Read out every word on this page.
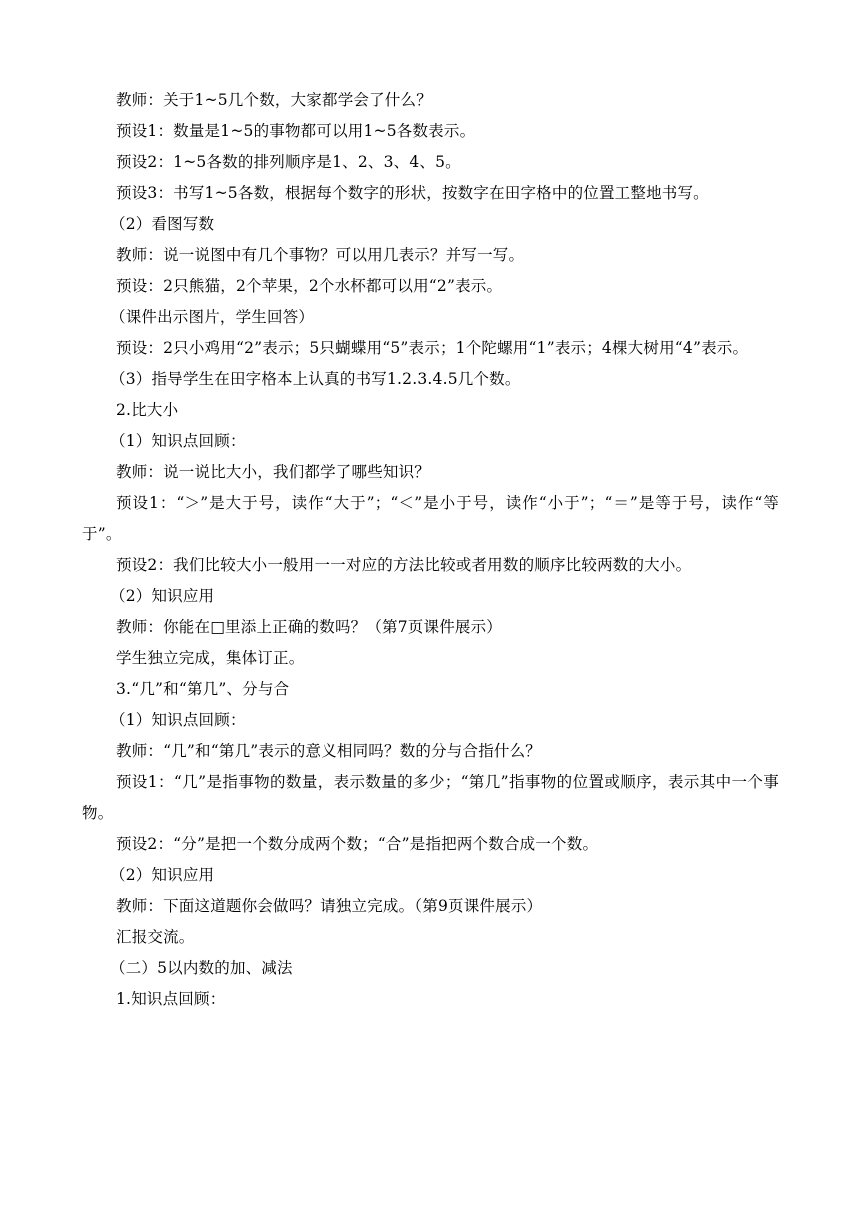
教师：关于1~5几个数，大家都学会了什么？

预设1：数量是1~5的事物都可以用1~5各数表示。

预设2：1~5各数的排列顺序是1、2、3、4、5。

预设3：书写1~5各数，根据每个数字的形状，按数字在田字格中的位置工整地书写。

（2）看图写数

教师：说一说图中有几个事物？可以用几表示？并写一写。

预设：2只熊猫，2个苹果，2个水杯都可以用“2”表示。

（课件出示图片，学生回答）

预设：2只小鸡用“2”表示；5只蝴蝶用“5”表示；1个陀螺用“1”表示；4棵大树用“4”表示。

（3）指导学生在田字格本上认真的书写1.2.3.4.5几个数。

2.比大小

（1）知识点回顾：

教师：说一说比大小，我们都学了哪些知识？

预设1：“＞”是大于号，读作“大于”；“＜”是小于号，读作“小于”；“＝”是等于号，读作“等于”。

预设2：我们比较大小一般用一一对应的方法比较或者用数的顺序比较两数的大小。

（2）知识应用

教师：你能在□里添上正确的数吗？（第7页课件展示）

学生独立完成，集体订正。

3.“几”和“第几”、分与合

（1）知识点回顾：

教师：“几”和“第几”表示的意义相同吗？数的分与合指什么？

预设1：“几”是指事物的数量，表示数量的多少；“第几”指事物的位置或顺序，表示其中一个事物。

预设2：“分”是把一个数分成两个数；“合”是指把两个数合成一个数。

（2）知识应用

教师：下面这道题你会做吗？请独立完成。（第9页课件展示）

汇报交流。

（二）5以内数的加、减法

1.知识点回顾：
